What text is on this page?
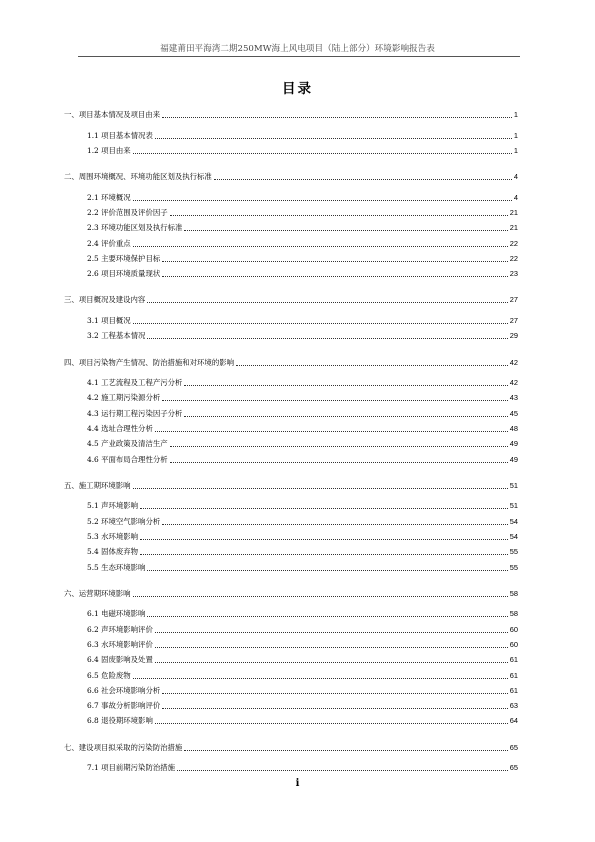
福建莆田平海湾二期250MW海上风电项目（陆上部分）环境影响报告表
目录
一、项目基本情况及项目由来	1
1.1 项目基本情况表	1
1.2 项目由来	1
二、周围环境概况、环境功能区划及执行标准	4
2.1 环境概况	4
2.2 评价范围及评价因子	21
2.3 环境功能区划及执行标准	21
2.4 评价重点	22
2.5 主要环境保护目标	22
2.6 项目环境质量现状	23
三、项目概况及建设内容	27
3.1 项目概况	27
3.2 工程基本情况	29
四、项目污染物产生情况、防治措施和对环境的影响	42
4.1 工艺流程及工程产污分析	42
4.2 施工期污染源分析	43
4.3 运行期工程污染因子分析	45
4.4 选址合理性分析	48
4.5 产业政策及清洁生产	49
4.6 平面布局合理性分析	49
五、施工期环境影响	51
5.1 声环境影响	51
5.2 环境空气影响分析	54
5.3 水环境影响	54
5.4 固体废弃物	55
5.5 生态环境影响	55
六、运营期环境影响	58
6.1 电磁环境影响	58
6.2 声环境影响评价	60
6.3 水环境影响评价	60
6.4 固废影响及处置	61
6.5 危险废物	61
6.6 社会环境影响分析	61
6.7 事故分析影响评价	63
6.8 退役期环境影响	64
七、建设项目拟采取的污染防治措施	65
7.1 项目前期污染防治措施	65
i
